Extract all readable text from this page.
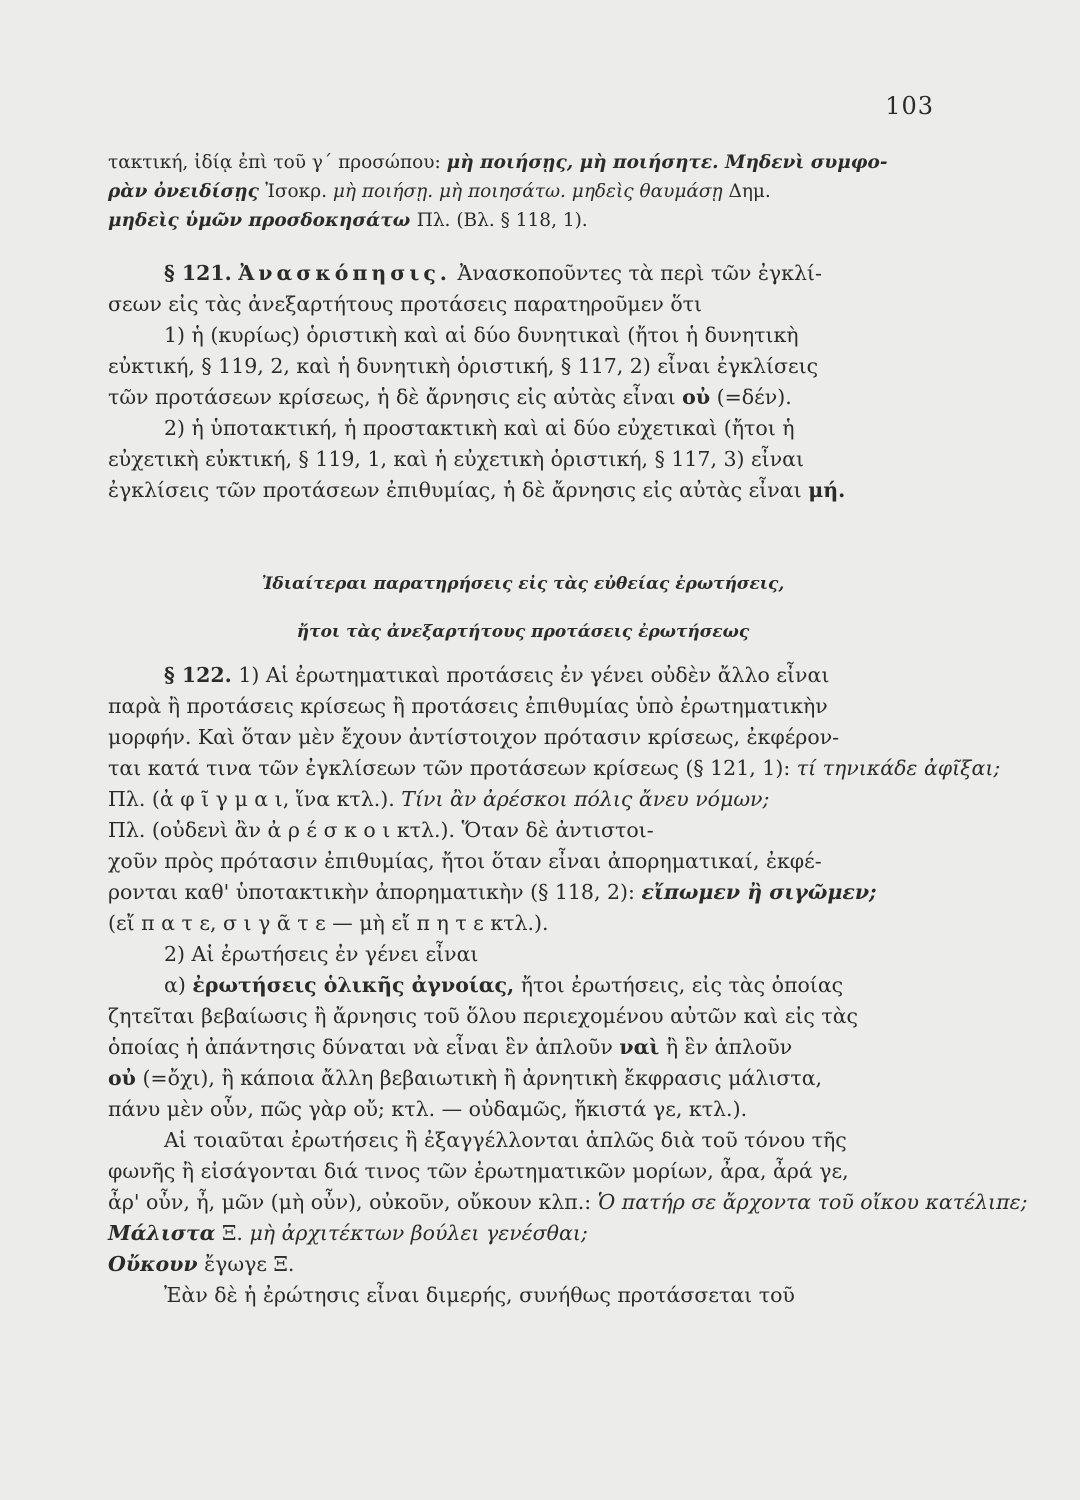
103
τακτική, ἰδίᾳ ἐπὶ τοῦ γ΄ προσώπου: μὴ ποιήσῃς, μὴ ποιήσητε. Μηδενὶ συμφο-
ρὰν ὀνειδίσῃς Ἰσοκρ. μὴ ποιήσῃ. μὴ ποιησάτω. μηδεὶς θαυμάσῃ Δημ.
μηδεὶς ὑμῶν προσδοκησάτω Πλ. (Βλ. § 118, 1).
§ 121. Ἀνασκόπησις. Ἀνασκοποῦντες τὰ περὶ τῶν ἐγκλί-
σεων εἰς τὰς ἀνεξαρτήτους προτάσεις παρατηροῦμεν ὅτι
1) ἡ (κυρίως) ὁριστικὴ καὶ αἱ δύο δυνητικαὶ (ἤτοι ἡ δυνητικὴ
εὐκτική, § 119, 2, καὶ ἡ δυνητικὴ ὁριστική, § 117, 2) εἶναι ἐγκλίσεις
τῶν προτάσεων κρίσεως, ἡ δὲ ἄρνησις εἰς αὐτὰς εἶναι οὐ (=δέν).
2) ἡ ὑποτακτική, ἡ προστακτικὴ καὶ αἱ δύο εὐχετικαὶ (ἤτοι ἡ
εὐχετικὴ εὐκτική, § 119, 1, καὶ ἡ εὐχετικὴ ὁριστική, § 117, 3) εἶναι
ἐγκλίσεις τῶν προτάσεων ἐπιθυμίας, ἡ δὲ ἄρνησις εἰς αὐτὰς εἶναι μή.
Ἰδιαίτεραι παρατηρήσεις εἰς τὰς εὐθείας ἐρωτήσεις,
ἤτοι τὰς ἀνεξαρτήτους προτάσεις ἐρωτήσεως
§ 122. 1) Αἱ ἐρωτηματικαὶ προτάσεις ἐν γένει οὐδὲν ἄλλο εἶναι
παρὰ ἢ προτάσεις κρίσεως ἢ προτάσεις ἐπιθυμίας ὑπὸ ἐρωτηματικὴν
μορφήν. Καὶ ὅταν μὲν ἔχουν ἀντίστοιχον πρότασιν κρίσεως, ἐκφέρον-
ται κατά τινα τῶν ἐγκλίσεων τῶν προτάσεων κρίσεως (§ 121, 1): τί τηνικάδε ἀφῖξαι;
Πλ. (ἀ φ ῖ γ μ α ι, ἵνα κτλ.). Τίνι ἂν ἀρέσκοι πόλις ἄνευ νόμων;
Πλ. (οὐδενὶ ἂν ἀ ρ έ σ κ ο ι κτλ.). Ὅταν δὲ ἀντιστοι-
χοῦν πρὸς πρότασιν ἐπιθυμίας, ἤτοι ὅταν εἶναι ἀπορηματικαί, ἐκφέ-
ρονται καθ' ὑποτακτικὴν ἀπορηματικὴν (§ 118, 2): εἴπωμεν ἢ σιγῶμεν;
(εἴ π α τ ε, σ ι γ ᾶ τ ε — μὴ εἴ π η τ ε κτλ.).
2) Αἱ ἐρωτήσεις ἐν γένει εἶναι
α) ἐρωτήσεις ὁλικῆς ἀγνοίας, ἤτοι ἐρωτήσεις, εἰς τὰς ὁποίας
ζητεῖται βεβαίωσις ἢ ἄρνησις τοῦ ὅλου περιεχομένου αὐτῶν καὶ εἰς τὰς
ὁποίας ἡ ἀπάντησις δύναται νὰ εἶναι ἓν ἁπλοῦν ναὶ ἢ ἓν ἁπλοῦν
οὐ (=ὄχι), ἢ κάποια ἄλλη βεβαιωτικὴ ἢ ἀρνητικὴ ἔκφρασις μάλιστα,
πάνυ μὲν οὖν, πῶς γὰρ οὔ; κτλ. — οὐδαμῶς, ἥκιστά γε, κτλ.).
Αἱ τοιαῦται ἐρωτήσεις ἢ ἐξαγγέλλονται ἁπλῶς διὰ τοῦ τόνου τῆς
φωνῆς ἢ εἰσάγονται διά τινος τῶν ἐρωτηματικῶν μορίων, ἆρα, ἆρά γε,
ἆρ' οὖν, ἦ, μῶν (μὴ οὖν), οὐκοῦν, οὔκουν κλπ.: Ὁ πατήρ σε ἄρχοντα τοῦ οἴκου κατέλιπε;
Μάλιστα Ξ. μὴ ἀρχιτέκτων βούλει γενέσθαι;
Οὔκουν ἔγωγε Ξ.
Ἐὰν δὲ ἡ ἐρώτησις εἶναι διμερής, συνήθως προτάσσεται τοῦ
